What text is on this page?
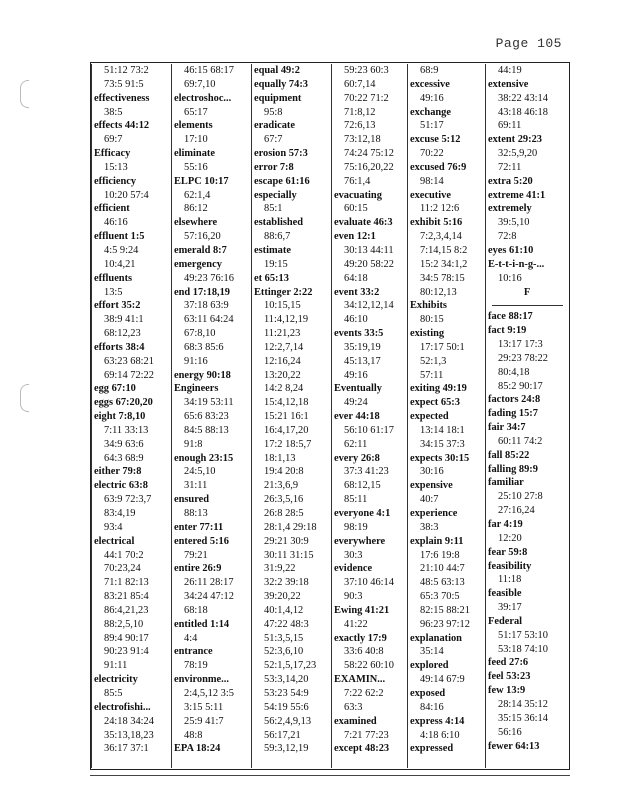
Page 105
51:12 73:2
73:5 91:5
effectiveness
38:5
effects 44:12
69:7
Efficacy
15:13
efficiency
10:20 57:4
efficient
46:16
effluent 1:5
4:5 9:24
10:4,21
effluents
13:5
effort 35:2
38:9 41:1
68:12,23
efforts 38:4
63:23 68:21
69:14 72:22
egg 67:10
eggs 67:20,20
eight 7:8,10
7:11 33:13
34:9 63:6
64:3 68:9
either 79:8
electric 63:8
63:9 72:3,7
83:4,19
93:4
electrical
44:1 70:2
70:23,24
71:1 82:13
83:21 85:4
86:4,21,23
88:2,5,10
89:4 90:17
90:23 91:4
91:11
electricity
85:5
electrofishi...
24:18 34:24
35:13,18,23
36:17 37:1
46:15 68:17
69:7,10
electroshoc...
65:17
elements
17:10
eliminate
55:16
ELPC 10:17
62:1,4
86:12
elsewhere
57:16,20
emerald 8:7
emergency
49:23 76:16
end 17:18,19
37:18 63:9
63:11 64:24
67:8,10
68:3 85:6
91:16
energy 90:18
Engineers
34:19 53:11
65:6 83:23
84:5 88:13
91:8
enough 23:15
24:5,10
31:11
ensured
88:13
enter 77:11
entered 5:16
79:21
entire 26:9
26:11 28:17
34:24 47:12
68:18
entitled 1:14
4:4
entrance
78:19
environme...
2:4,5,12 3:5
3:15 5:11
25:9 41:7
48:8
EPA 18:24
equal 49:2
equally 74:3
equipment
95:8
eradicate
67:7
erosion 57:3
error 7:8
escape 61:16
especially
85:1
established
88:6,7
estimate
19:15
et 65:13
Ettinger 2:22
10:15,15
11:4,12,19
11:21,23
12:2,7,14
12:16,24
13:20,22
14:2 8,24
15:4,12,18
15:21 16:1
16:4,17,20
17:2 18:5,7
18:1,13
19:4 20:8
21:3,6,9
26:3,5,16
26:8 28:5
28:1,4 29:18
29:21 30:9
30:11 31:15
31:9,22
32:2 39:18
39:20,22
40:1,4,12
47:22 48:3
51:3,5,15
52:3,6,10
52:1,5,17,23
53:3,14,20
53:23 54:9
54:19 55:6
56:2,4,9,13
56:17,21
59:3,12,19
59:23 60:3
60:7,14
70:22 71:2
71:8,12
72:6,13
73:12,18
74:24 75:12
75:16,20,22
76:1,4
evacuating
60:15
evaluate 46:3
even 12:1
30:13 44:11
49:20 58:22
64:18
event 33:2
34:12,12,14
46:10
events 33:5
35:19,19
45:13,17
49:16
Eventually
49:24
ever 44:18
56:10 61:17
62:11
every 26:8
37:3 41:23
68:12,15
85:11
everyone 4:1
98:19
everywhere
30:3
evidence
37:10 46:14
90:3
Ewing 41:21
41:22
exactly 17:9
33:6 40:8
58:22 60:10
EXAMIN...
7:22 62:2
63:3
examined
7:21 77:23
except 48:23
68:9
excessive
49:16
exchange
51:17
excuse 5:12
70:22
excused 76:9
98:14
executive
11:2 12:6
exhibit 5:16
7:2,3,4,14
7:14,15 8:2
15:2 34:1,2
34:5 78:15
80:12,13
Exhibits
80:15
existing
17:17 50:1
52:1,3
57:11
exiting 49:19
expect 65:3
expected
13:14 18:1
34:15 37:3
expects 30:15
30:16
expensive
40:7
experience
38:3
explain 9:11
17:6 19:8
21:10 44:7
48:5 63:13
65:3 70:5
82:15 88:21
96:23 97:12
explanation
35:14
explored
49:14 67:9
exposed
84:16
express 4:14
4:18 6:10
expressed
44:19
extensive
38:22 43:14
43:18 46:18
69:11
extent 29:23
32:5,9,20
72:11
extra 5:20
extreme 41:1
extremely
39:5,10
72:8
eyes 61:10
E-t-t-i-n-g-...
10:16
F
face 88:17
fact 9:19
13:17 17:3
29:23 78:22
80:4,18
85:2 90:17
factors 24:8
fading 15:7
fair 34:7
60:11 74:2
fall 85:22
falling 89:9
familiar
25:10 27:8
27:16,24
far 4:19
12:20
fear 59:8
feasibility
11:18
feasible
39:17
Federal
51:17 53:10
53:18 74:10
feed 27:6
feel 53:23
few 13:9
28:14 35:12
35:15 36:14
56:16
fewer 64:13
